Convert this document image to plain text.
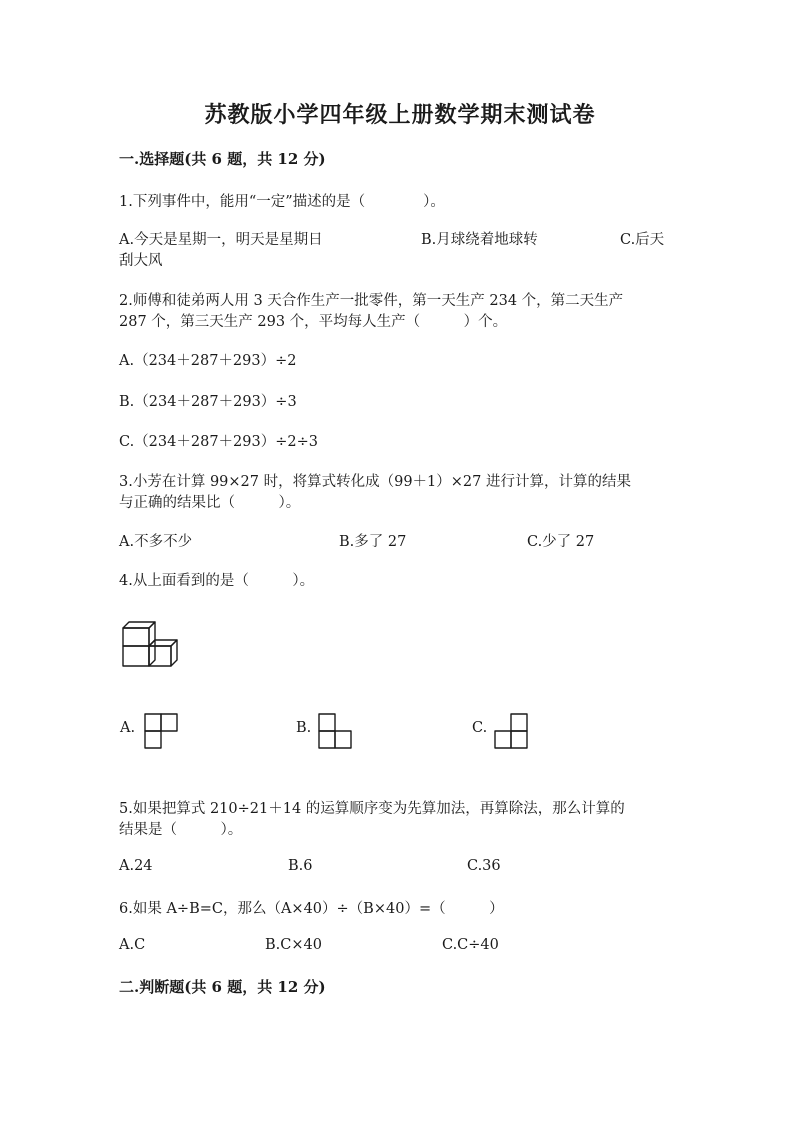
苏教版小学四年级上册数学期末测试卷
一.选择题(共 6 题，共 12 分)
1.下列事件中，能用“一定”描述的是（　　　　）。
A.今天是星期一，明天是星期日	B.月球绕着地球转	C.后天
刮大风
2.师傅和徒弟两人用 3 天合作生产一批零件，第一天生产 234 个，第二天生产
287 个，第三天生产 293 个，平均每人生产（　　　）个。
A.（234＋287＋293）÷2
B.（234＋287＋293）÷3
C.（234＋287＋293）÷2÷3
3.小芳在计算 99×27 时，将算式转化成（99＋1）×27 进行计算，计算的结果
与正确的结果比（　　　）。
A.不多不少	B.多了 27	C.少了 27
4.从上面看到的是（　　　）。
A.	B.	C.
5.如果把算式 210÷21＋14 的运算顺序变为先算加法，再算除法，那么计算的
结果是（　　　）。
A.24	B.6	C.36
6.如果 A÷B=C，那么（A×40）÷（B×40）=（　　　）
A.C	B.C×40	C.C÷40
二.判断题(共 6 题，共 12 分)
